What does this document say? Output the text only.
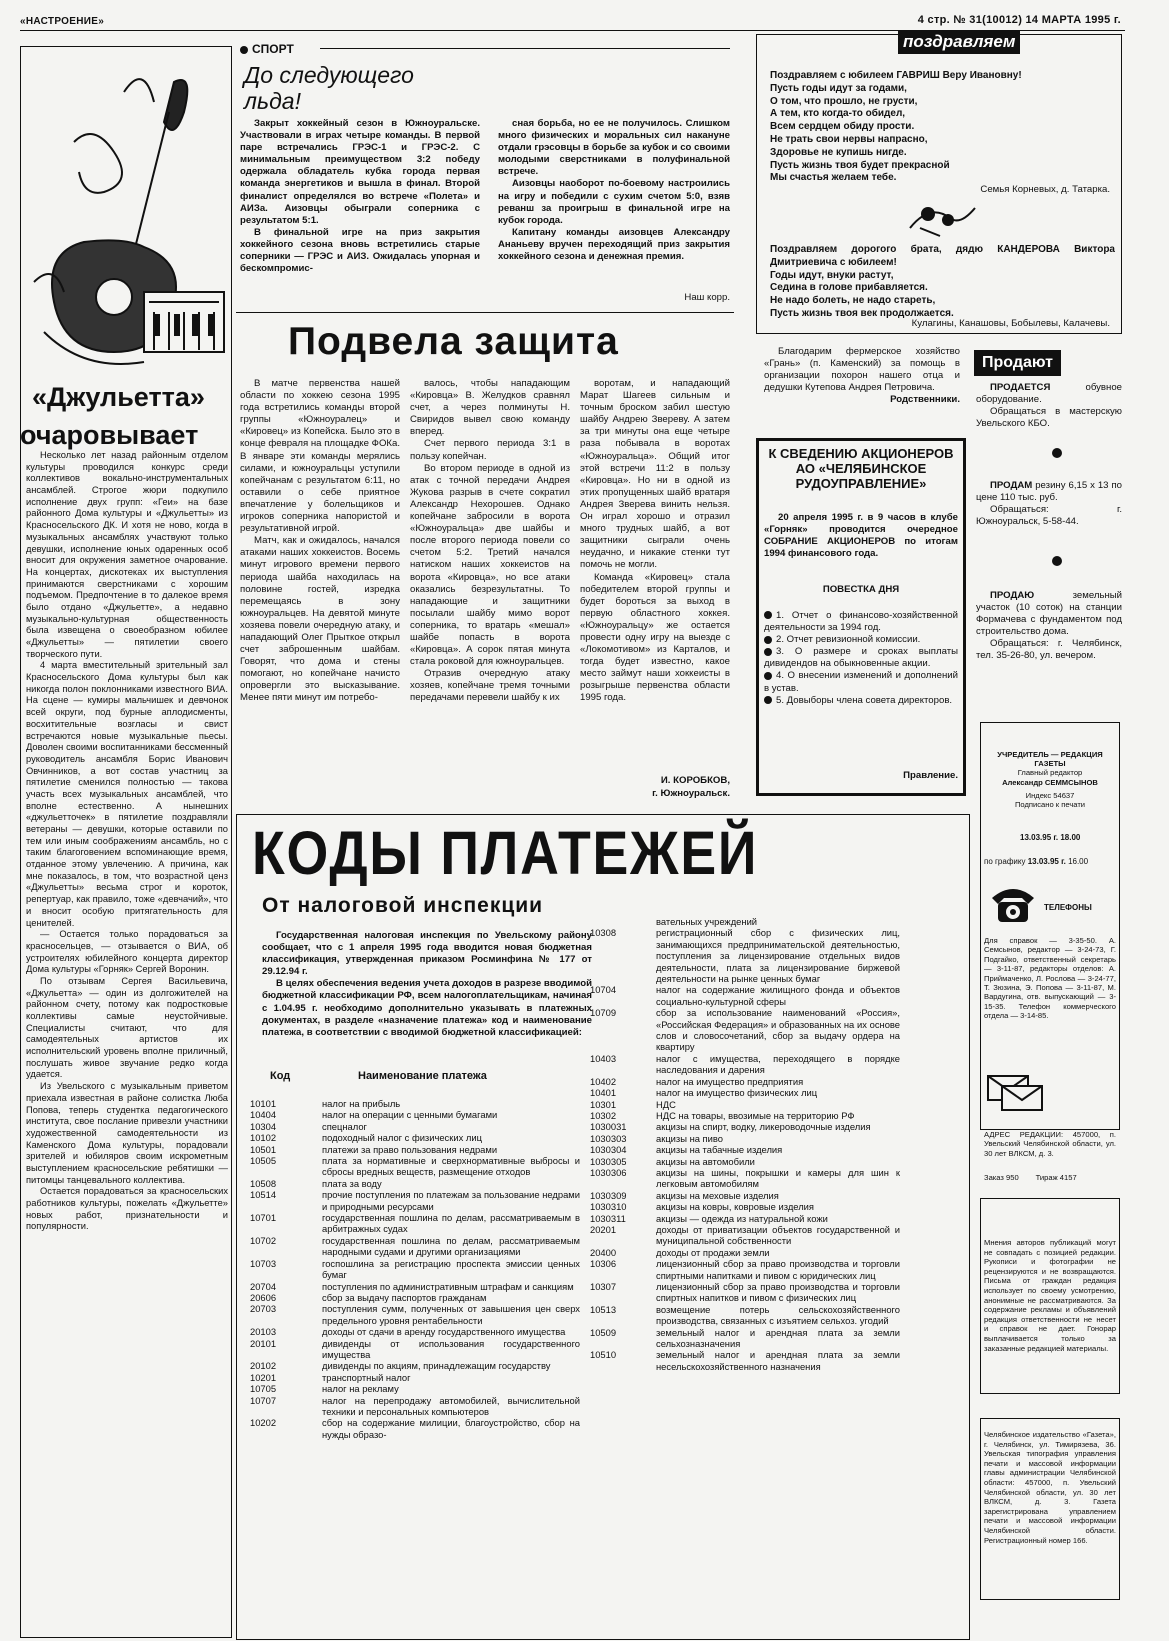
«НАСТРОЕНИЕ»	4 стр. № 31(10012) 14 МАРТА 1995 г.
«Джульетта»
очаровывает

Несколько лет назад районным отделом культуры проводился конкурс среди коллективов вокально-инструментальных ансамблей. Строгое жюри подкупило исполнение двух групп: «Геи» на базе районного Дома культуры и «Джульетты» из Красносельского ДК. И хотя не ново, когда в музыкальных ансамблях участвуют только девушки, исполнение юных одаренных особ вносит для окружения заметное очарование. На концертах, дискотеках их выступления принимаются сверстниками с хорошим подъемом. Предпочтение в то далекое время было отдано «Джульетте», а недавно музыкально-культурная общественность была извещена о своеобразном юбилее «Джульетты» — пятилетии своего творческого пути.

4 марта вместительный зрительный зал Красносельского Дома культуры был как никогда полон поклонниками известного ВИА. На сцене — кумиры мальчишек и девчонок всей округи, под бурные аплодисменты, восхитительные возгласы и свист встречаются новые музыкальные пьесы. Доволен своими воспитанниками бессменный руководитель ансамбля Борис Иванович Овчинников, а вот состав участниц за пятилетие сменился полностью — такова участь всех музыкальных ансамблей, что вполне естественно. А нынешних «джульетточек» в пятилетие поздравляли ветераны — девушки, которые оставили по тем или иным соображениям ансамбль, но с таким благоговением вспоминающие время, отданное этому увлечению. А причина, как мне показалось, в том, что возрастной ценз «Джульетты» весьма строг и короток, репертуар, как правило, тоже «девчачий», что и вносит особую притягательность для ценителей.

— Остается только порадоваться за красносельцев, — отзывается о ВИА, об устроителях юбилейного концерта директор Дома культуры «Горняк» Сергей Воронин.

По отзывам Сергея Васильевича, «Джульетта» — один из долгожителей на районном счету, потому как подростковые коллективы самые неустойчивые. Специалисты считают, что для самодеятельных артистов их исполнительский уровень вполне приличный, послушать живое звучание редко когда удается.

Из Увельского с музыкальным приветом приехала известная в районе солистка Люба Попова, теперь студентка педагогического института, свое послание привезли участники художественной самодеятельности из Каменского Дома культуры, порадовали зрителей и юбиляров своим искрометным выступлением красносельские ребятишки — питомцы танцевального коллектива.

Остается порадоваться за красносельских работников культуры, пожелать «Джульетте» новых работ, признательности и популярности.

СПОРТ
До следующего льда!

Закрыт хоккейный сезон в Южноуральске. Участвовали в играх четыре команды. В первой паре встречались ГРЭС-1 и ГРЭС-2. С минимальным преимуществом 3:2 победу одержала обладатель кубка города первая команда энергетиков и вышла в финал. Второй финалист определялся во встрече «Полета» и АИЗа. Аизовцы обыграли соперника с результатом 5:1.

В финальной игре на приз закрытия хоккейного сезона вновь встретились старые соперники — ГРЭС и АИЗ. Ожидалась упорная и бескомпромис-

сная борьба, но ее не получилось. Слишком много физических и моральных сил накануне отдали грэсовцы в борьбе за кубок и со своими молодыми сверстниками в полуфинальной встрече.

Аизовцы наоборот по-боевому настроились на игру и победили с сухим счетом 5:0, взяв реванш за проигрыш в финальной игре на кубок города.

Капитану команды аизовцев Александру Ананьеву вручен переходящий приз закрытия хоккейного сезона и денежная премия.

Наш корр.
Подвела защита

В матче первенства нашей области по хоккею сезона 1995 года встретились команды второй группы «Южноуралец» и «Кировец» из Копейска. Было это в конце февраля на площадке ФОКа. В январе эти команды мерялись силами, и южноуральцы уступили копейчанам с результатом 6:11, но оставили о себе приятное впечатление у болельщиков и игроков соперника напористой и результативной игрой.

Матч, как и ожидалось, начался атаками наших хоккеистов. Восемь минут игрового времени первого периода шайба находилась на половине гостей, изредка перемещаясь в зону южноуральцев. На девятой минуте хозяева повели очередную атаку, и нападающий Олег Прыткое открыл счет заброшенным шайбам. Говорят, что дома и стены помогают, но копейчане начисто опровергли это высказывание. Менее пяти минут им потребо-

валось, чтобы нападающим «Кировца» В. Желудков сравнял счет, а через полминуты Н. Свиридов вывел свою команду вперед.

Счет первого периода 3:1 в пользу копейчан.

Во втором периоде в одной из атак с точной передачи Андрея Жукова разрыв в счете сократил Александр Нехорошев. Однако копейчане забросили в ворота «Южноуральца» две шайбы и после второго периода повели со счетом 5:2. Третий начался натиском наших хоккеистов на ворота «Кировца», но все атаки оказались безрезультатны. То нападающие и защитники посылали шайбу мимо ворот соперника, то вратарь «мешал» шайбе попасть в ворота «Кировца». А сорок пятая минута стала роковой для южноуральцев.

Отразив очередную атаку хозяев, копейчане тремя точными передачами перевели шайбу к их

воротам, и нападающий Марат Шагеев сильным и точным броском забил шестую шайбу Андрею Звереву. А затем за три минуты она еще четыре раза побывала в воротах «Южноуральца». Общий итог этой встречи 11:2 в пользу «Кировца». Но ни в одной из этих пропущенных шайб вратаря Андрея Зверева винить нельзя. Он играл хорошо и отразил много трудных шайб, а вот защитники сыграли очень неудачно, и никакие стенки тут помочь не могли.

Команда «Кировец» стала победителем второй группы и будет бороться за выход в первую областного хоккея. «Южноуральцу» же остается провести одну игру на выезде с «Локомотивом» из Карталов, и тогда будет известно, какое место займут наши хоккеисты в розыгрыше первенства области 1995 года.

И. КОРОБКОВ,
г. Южноуральск.
поздравляем
Поздравляем с юбилеем ГАВРИШ Веру Ивановну!
Пусть годы идут за годами,
О том, что прошло, не грусти,
А тем, кто когда-то обидел,
Всем сердцем обиду прости.
Не трать свои нервы напрасно,
Здоровье не купишь нигде.
Пусть жизнь твоя будет прекрасной
Мы счастья желаем тебе.
Семья Корневых, д. Татарка.
Поздравляем дорогого брата, дядю КАНДЕРОВА Виктора Дмитриевича с юбилеем!
Годы идут, внуки растут,
Седина в голове прибавляется.
Не надо болеть, не надо стареть,
Пусть жизнь твоя век продолжается.
Кулагины, Канашовы, Бобылевы, Калачевы.

Благодарим фермерское хозяйство «Грань» (п. Каменский) за помощь в организации похорон нашего отца и дедушки Кутепова Андрея Петровича.

Родственники.
К СВЕДЕНИЮ АКЦИОНЕРОВ АО «ЧЕЛЯБИНСКОЕ РУДОУПРАВЛЕНИЕ»

20 апреля 1995 г. в 9 часов в клубе «Горняк» проводится очередное СОБРАНИЕ АКЦИОНЕРОВ по итогам 1994 финансового года.

ПОВЕСТКА ДНЯ
1. Отчет о финансово-хозяйственной деятельности за 1994 год.
2. Отчет ревизионной комиссии.
3. О размере и сроках выплаты дивидендов на обыкновенные акции.
4. О внесении изменений и дополнений в устав.
5. Довыборы члена совета директоров.
Правление.
Продают

ПРОДАЕТСЯ	обувное оборудование.

Обращаться в мастерскую Увельского КБО.

ПРОДАМ резину 6,15 x 13 по цене 110 тыс. руб.

Обращаться: г. Южноуральск, 5-58-44.

ПРОДАЮ	земельный участок (10 соток) на станции Формачева с фундаментом под строительство дома.

Обращаться: г. Челябинск, тел. 35-26-80, ул. вечером.

УЧРЕДИТЕЛЬ — РЕДАКЦИЯ ГАЗЕТЫ
Главный редактор
Александр СЕММСЫНОВ
Индекс 54637
Подписано к печати
13.03.95 г. 18.00
по графику 13.03.95 г. 16.00
ТЕЛЕФОНЫ
Для справок — 3-35-50. А. Семсынов, редактор — 3-24-73, Г. Подгайко, ответственный секретарь — 3-11-87, редакторы отделов: А. Приймаченко, Л. Рослова — 3-24-77, Т. Зюзина, Э. Попова — 3-11-87, М. Вардугина, отв. выпускающий — 3-15-35. Телефон коммерческого отдела — 3-14-85.
АДРЕС РЕДАКЦИИ: 457000, п. Увельский Челябинской области, ул. 30 лет ВЛКСМ, д. 3.
Заказ 950 Тираж 4157
Мнения авторов публикаций могут не совпадать с позицией редакции. Рукописи и фотографии не рецензируются и не возвращаются. Письма от граждан редакция использует по своему усмотрению, анонимные не рассматриваются. За содержание рекламы и объявлений редакция ответственности не несет и справок не дает. Гонорар выплачивается только за заказанные редакцией материалы.
Челябинское издательство «Газета», г. Челябинск, ул. Тимирязева, 36. Увельская типография управления печати и массовой информации главы администрации Челябинской области: 457000, п. Увельский Челябинской области, ул. 30 лет ВЛКСМ, д. 3. Газета зарегистрирована управлением печати и массовой информации Челябинской области. Регистрационный номер 166.
КОДЫ ПЛАТЕЖЕЙ
От налоговой инспекции

Государственная налоговая инспекция по Увельскому району сообщает, что с 1 апреля 1995 года вводится новая бюджетная классификация, утвержденная приказом Росминфина № 177 от 29.12.94 г.

В целях обеспечения ведения учета доходов в разрезе вводимой бюджетной классификации РФ, всем налогоплательщикам, начиная с 1.04.95 г. необходимо дополнительно указывать в платежных документах, в разделе «назначение платежа» код и наименование платежа, в соответствии с вводимой бюджетной классификацией:

Код	Наименование платежа
10101	налог на прибыль
10404	налог на операции с ценными бумагами
10304	спецналог
10102	подоходный налог с физических лиц
10501	платежи за право пользования недрами
10505	плата за нормативные и сверхнормативные выбросы и сбросы вредных веществ, размещение отходов
10508	плата за воду
10514	прочие поступления по платежам за пользование недрами и природными ресурсами
10701	государственная пошлина по делам, рассматриваемым в арбитражных судах
10702	государственная пошлина по делам, рассматриваемым народными судами и другими организациями
10703	госпошлина за регистрацию проспекта эмиссии ценных бумаг
20704	поступления по административным штрафам и санкциям
20606	сбор за выдачу паспортов гражданам
20703	поступления сумм, полученных от завышения цен сверх предельного уровня рентабельности
20103	доходы от сдачи в аренду государственного имущества
20101	дивиденды от использования государственного имущества
20102	дивиденды по акциям, принадлежащим государству
10201	транспортный налог
10705	налог на рекламу
10707	налог на перепродажу автомобилей, вычислительной техники и персональных компьютеров
10202	сбор на содержание милиции, благоустройство, сбор на нужды образо-
	вательных учреждений
10308	регистрационный сбор с физических лиц, занимающихся предпринимательской деятельностью, поступления за лицензирование отдельных видов деятельности, плата за лицензирование биржевой деятельности на рынке ценных бумаг
10704	налог на содержание жилищного фонда и объектов социально-культурной сферы
10709	сбор за использование наименований «Россия», «Российская Федерация» и образованных на их основе слов и словосочетаний, сбор за выдачу ордера на квартиру
10403	налог с имущества, переходящего в порядке наследования и дарения
10402	налог на имущество предприятия
10401	налог на имущество физических лиц
10301	НДС
10302	НДС на товары, ввозимые на территорию РФ
1030031	акцизы на спирт, водку, ликероводочные изделия
1030303	акцизы на пиво
1030304	акцизы на табачные изделия
1030305	акцизы на автомобили
1030306	акцизы на шины, покрышки и камеры для шин к легковым автомобилям
1030309	акцизы на меховые изделия
1030310	акцизы на ковры, ковровые изделия
1030311	акцизы — одежда из натуральной кожи
20201	доходы от приватизации объектов государственной и муниципальной собственности
20400	доходы от продажи земли
10306	лицензионный сбор за право производства и торговли спиртными напитками и пивом с юридических лиц
10307	лицензионный сбор за право производства и торговли спиртных напитков и пивом с физических лиц
10513	возмещение потерь сельскохозяйственного производства, связанных с изъятием сельхоз. угодий
10509	земельный налог и арендная плата за земли сельхозназначения
10510	земельный налог и арендная плата за земли несельскохозяйственного назначения
